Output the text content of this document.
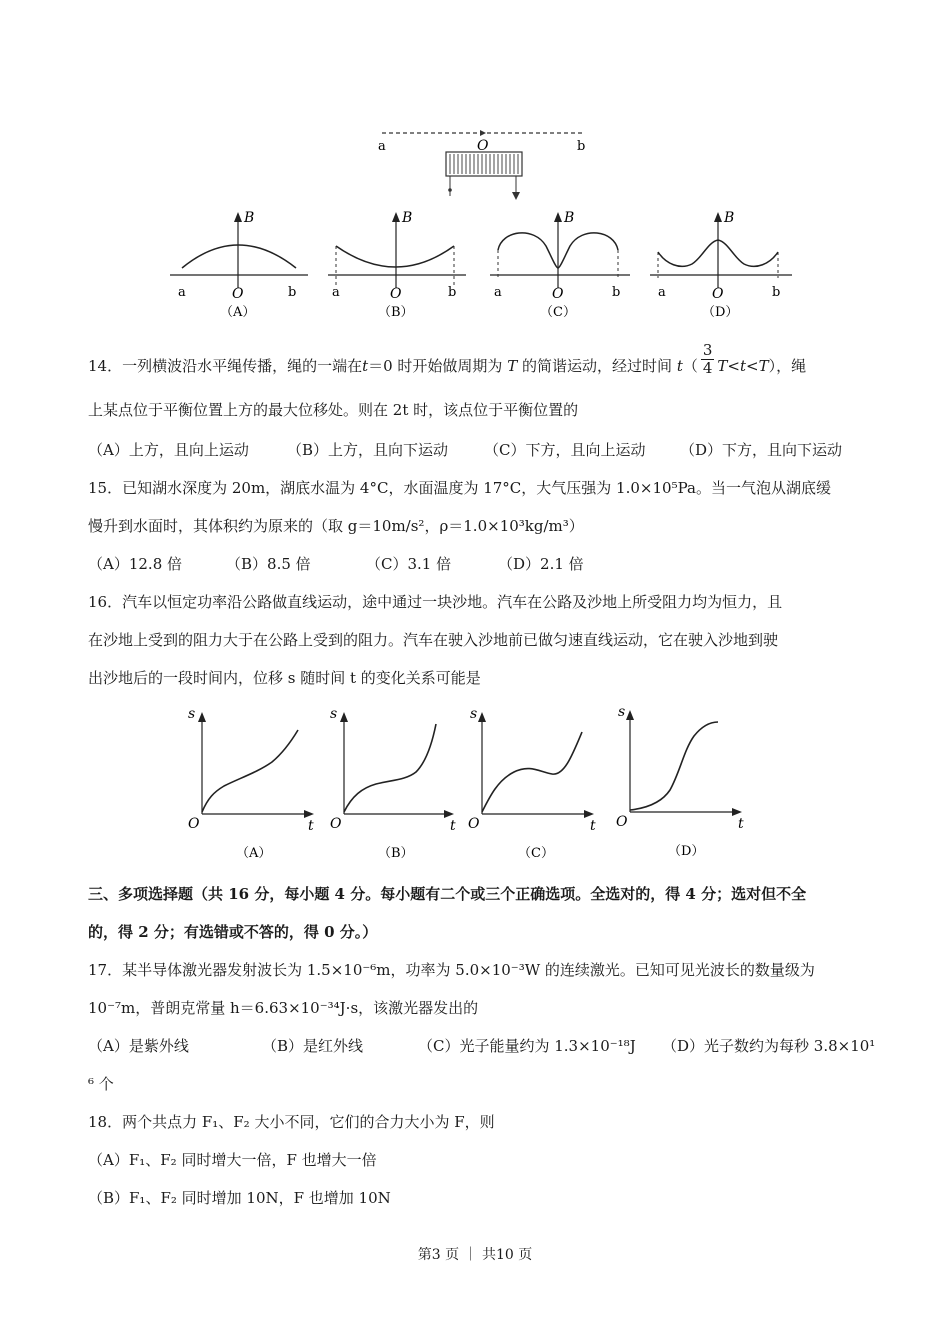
a	O	b
B
a	O	b
（A）
B
a	O	b
（B）
B
a	O	b
（C）
B
a	O	b
（D）
14．一列横波沿水平绳传播，绳的一端在t＝0 时开始做周期为 T 的简谐运动，经过时间 $t( \frac{3}{4} T<t<T)$，绳
上某点位于平衡位置上方的最大位移处。则在 2t 时，该点位于平衡位置的
（A）上方，且向上运动	（B）上方，且向下运动 （C）下方，且向上运动 （D）下方，且向下运动
15．已知湖水深度为 20m，湖底水温为 4°C，水面温度为 17°C，大气压强为 1.0×10⁵Pa。当一气泡从湖底缓
慢升到水面时，其体积约为原来的（取 g＝10m/s²，ρ＝1.0×10³kg/m³）
（A）12.8 倍	（B）8.5 倍	（C）3.1 倍	（D）2.1 倍
16．汽车以恒定功率沿公路做直线运动，途中通过一块沙地。汽车在公路及沙地上所受阻力均为恒力，且
在沙地上受到的阻力大于在公路上受到的阻力。汽车在驶入沙地前已做匀速直线运动，它在驶入沙地到驶
出沙地后的一段时间内，位移 s 随时间 t 的变化关系可能是
s
O	t
（A）
s
O	t
（B）
s
O	t
（C）
s
O	t
（D）
三、多项选择题（共 16 分，每小题 4 分。每小题有二个或三个正确选项。全选对的，得 4 分；选对但不全
的，得 2 分；有选错或不答的，得 0 分。）
17．某半导体激光器发射波长为 1.5×10⁻⁶m，功率为 5.0×10⁻³W 的连续激光。已知可见光波长的数量级为
10⁻⁷m，普朗克常量 h＝6.63×10⁻³⁴J·s，该激光器发出的
（A）是紫外线	（B）是红外线	（C）光子能量约为 1.3×10⁻¹⁸J （D）光子数约为每秒 3.8×10¹
⁶ 个
18．两个共点力 F₁、F₂ 大小不同，它们的合力大小为 F，则
（A）F₁、F₂ 同时增大一倍，F 也增大一倍
（B）F₁、F₂ 同时增加 10N，F 也增加 10N
第3 页 ｜ 共10 页
